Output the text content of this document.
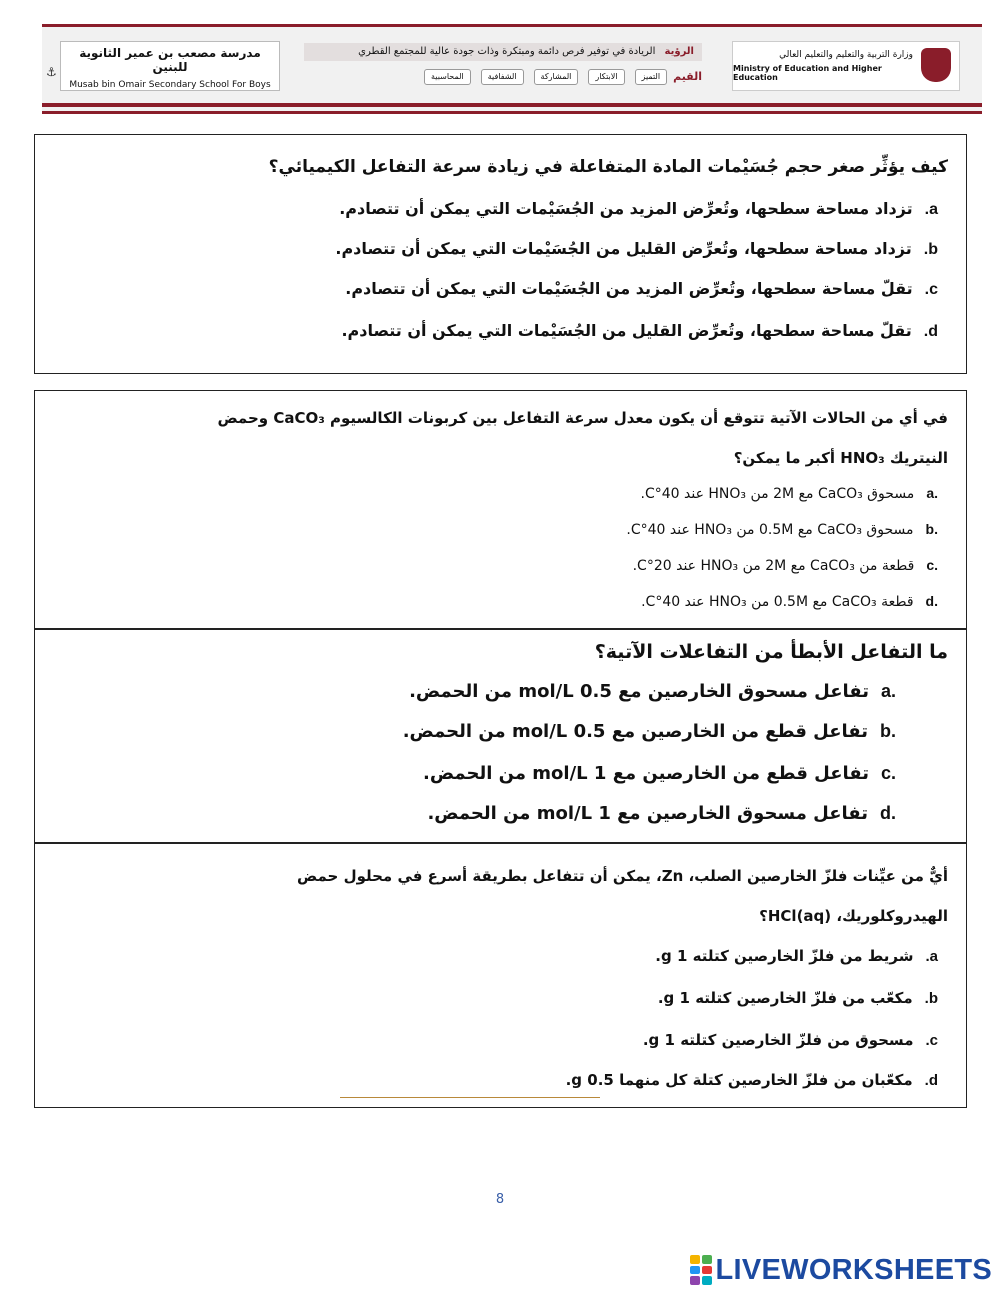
مدرسة مصعب بن عمير الثانوية للبنين
Musab bin Omair Secondary School For Boys
⚓
الرؤية الريادة في توفير فرص دائمة ومبتكرة وذات جودة عالية للمجتمع القطري
القيم
التميز
الابتكار
المشاركة
الشفافية
المحاسبية
وزارة التربية والتعليم والتعليم العالي
Ministry of Education and Higher Education
كيف يؤثِّر صغر حجم جُسَيْمات المادة المتفاعلة في زيادة سرعة التفاعل الكيميائي؟
a.
تزداد مساحة سطحها، وتُعرِّض المزيد من الجُسَيْمات التي يمكن أن تتصادم.
b.
تزداد مساحة سطحها، وتُعرِّض القليل من الجُسَيْمات التي يمكن أن تتصادم.
c.
تقلّ مساحة سطحها، وتُعرِّض المزيد من الجُسَيْمات التي يمكن أن تتصادم.
d.
تقلّ مساحة سطحها، وتُعرِّض القليل من الجُسَيْمات التي يمكن أن تتصادم.
في أي من الحالات الآتية تتوقع أن يكون معدل سرعة التفاعل بين كربونات الكالسيوم CaCO₃ وحمض
النيتريك HNO₃ أكبر ما يمكن؟
.a
مسحوق CaCO₃ مع 2M من HNO₃ عند 40°C.
.b
مسحوق CaCO₃ مع 0.5M من HNO₃ عند 40°C.
.c
قطعة من CaCO₃ مع 2M من HNO₃ عند 20°C.
.d
قطعة CaCO₃ مع 0.5M من HNO₃ عند 40°C.
ما التفاعل الأبطأ من التفاعلات الآتية؟
.a
تفاعل مسحوق الخارصين مع 0.5 mol/L من الحمض.
.b
تفاعل قطع من الخارصين مع 0.5 mol/L من الحمض.
.c
تفاعل قطع من الخارصين مع 1 mol/L من الحمض.
.d
تفاعل مسحوق الخارصين مع 1 mol/L من الحمض.
أيٌّ من عيِّنات فلزّ الخارصين الصلب، Zn، يمكن أن تتفاعل بطريقة أسرع في محلول حمض
الهيدروكلوريك، HCl(aq)؟
a.
شريط من فلزّ الخارصين كتلته 1 g.
b.
مكعّب من فلزّ الخارصين كتلته 1 g.
c.
مسحوق من فلزّ الخارصين كتلته 1 g.
d.
مكعّبان من فلزّ الخارصين كتلة كل منهما 0.5 g.
8
LIVEWORKSHEETS
